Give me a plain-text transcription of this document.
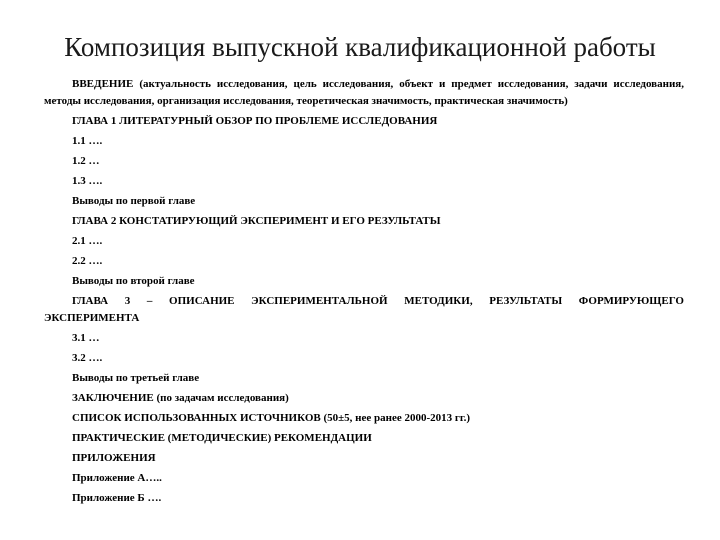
Композиция выпускной квалификационной работы

ВВЕДЕНИЕ (актуальность исследования, цель исследования, объект и предмет исследования, задачи исследования, методы исследования, организация исследования, теоретическая значимость, практическая значимость)

ГЛАВА 1 ЛИТЕРАТУРНЫЙ ОБЗОР ПО ПРОБЛЕМЕ ИССЛЕДОВАНИЯ

1.1 ….

1.2 …

1.3 ….

Выводы по первой главе

ГЛАВА 2 КОНСТАТИРУЮЩИЙ ЭКСПЕРИМЕНТ И ЕГО РЕЗУЛЬТАТЫ

2.1 ….

2.2 ….

Выводы по второй главе

ГЛАВА 3 – ОПИСАНИЕ ЭКСПЕРИМЕНТАЛЬНОЙ МЕТОДИКИ, РЕЗУЛЬТАТЫ ФОРМИРУЮЩЕГО ЭКСПЕРИМЕНТА

3.1 …

3.2 ….

Выводы по третьей главе

ЗАКЛЮЧЕНИЕ (по задачам исследования)

СПИСОК ИСПОЛЬЗОВАННЫХ ИСТОЧНИКОВ (50±5, нее ранее 2000-2013 гг.)

ПРАКТИЧЕСКИЕ (МЕТОДИЧЕСКИЕ) РЕКОМЕНДАЦИИ

ПРИЛОЖЕНИЯ

Приложение А…..

Приложение Б ….
